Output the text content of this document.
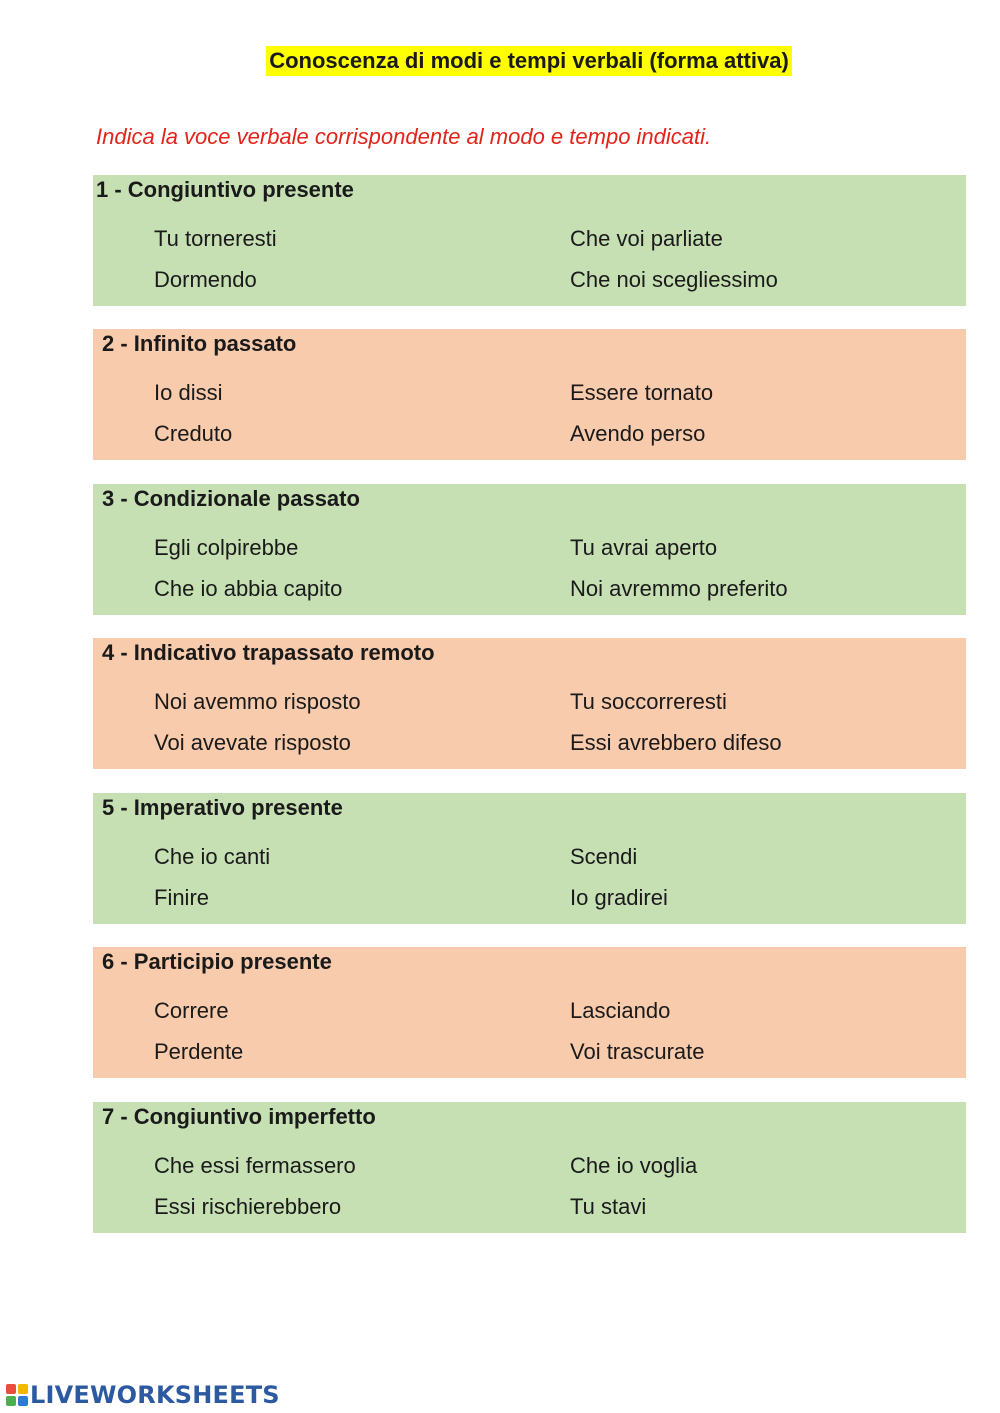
Conoscenza di modi e tempi verbali (forma attiva)
Indica la voce verbale corrispondente al modo e tempo indicati.
1 - Congiuntivo presente
Tu torneresti	Che voi parliate
Dormendo	Che noi scegliessimo
2 - Infinito passato
Io dissi	Essere tornato
Creduto	Avendo perso
3 - Condizionale passato
Egli colpirebbe	Tu avrai aperto
Che io abbia capito	Noi avremmo preferito
4 - Indicativo trapassato remoto
Noi avemmo risposto	Tu soccorreresti
Voi avevate risposto	Essi avrebbero difeso
5 - Imperativo presente
Che io canti	Scendi
Finire	Io gradirei
6 - Participio presente
Correre	Lasciando
Perdente	Voi trascurate
7 - Congiuntivo imperfetto
Che essi fermassero	Che io voglia
Essi rischierebbero	Tu stavi
LIVEWORKSHEETS
